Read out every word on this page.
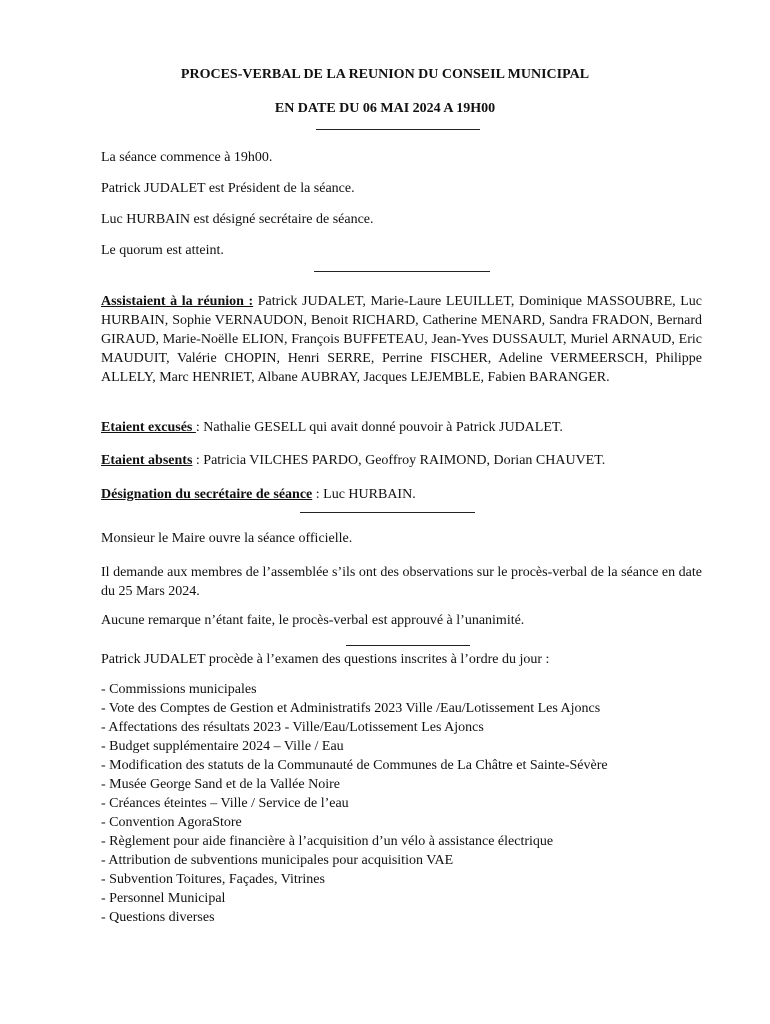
PROCES-VERBAL DE LA REUNION DU CONSEIL MUNICIPAL
EN DATE DU 06 MAI 2024 A 19H00
La séance commence à 19h00.
Patrick JUDALET est Président de la séance.
Luc HURBAIN est désigné secrétaire de séance.
Le quorum est atteint.
Assistaient à la réunion : Patrick JUDALET, Marie-Laure LEUILLET, Dominique MASSOUBRE, Luc HURBAIN, Sophie VERNAUDON, Benoit RICHARD, Catherine MENARD, Sandra FRADON, Bernard GIRAUD, Marie-Noëlle ELION, François BUFFETEAU, Jean-Yves DUSSAULT, Muriel ARNAUD, Eric MAUDUIT, Valérie CHOPIN, Henri SERRE, Perrine FISCHER, Adeline VERMEERSCH, Philippe ALLELY, Marc HENRIET, Albane AUBRAY, Jacques LEJEMBLE, Fabien BARANGER.
Etaient excusés : Nathalie GESELL qui avait donné pouvoir à Patrick JUDALET.
Etaient absents : Patricia VILCHES PARDO, Geoffroy RAIMOND, Dorian CHAUVET.
Désignation du secrétaire de séance : Luc HURBAIN.
Monsieur le Maire ouvre la séance officielle.
Il demande aux membres de l’assemblée s’ils ont des observations sur le procès-verbal de la séance en date du 25 Mars 2024.
Aucune remarque n’étant faite, le procès-verbal est approuvé à l’unanimité.
Patrick JUDALET procède à l’examen des questions inscrites à l’ordre du jour :
- Commissions municipales
- Vote des Comptes de Gestion et Administratifs 2023 Ville /Eau/Lotissement Les Ajoncs
- Affectations des résultats 2023 - Ville/Eau/Lotissement Les Ajoncs
- Budget supplémentaire 2024 – Ville / Eau
- Modification des statuts de la Communauté de Communes de La Châtre et Sainte-Sévère
- Musée George Sand et de la Vallée Noire
- Créances éteintes – Ville / Service de l’eau
- Convention AgoraStore
- Règlement pour aide financière à l’acquisition d’un vélo à assistance électrique
- Attribution de subventions municipales pour acquisition VAE
- Subvention Toitures, Façades, Vitrines
- Personnel Municipal
- Questions diverses
